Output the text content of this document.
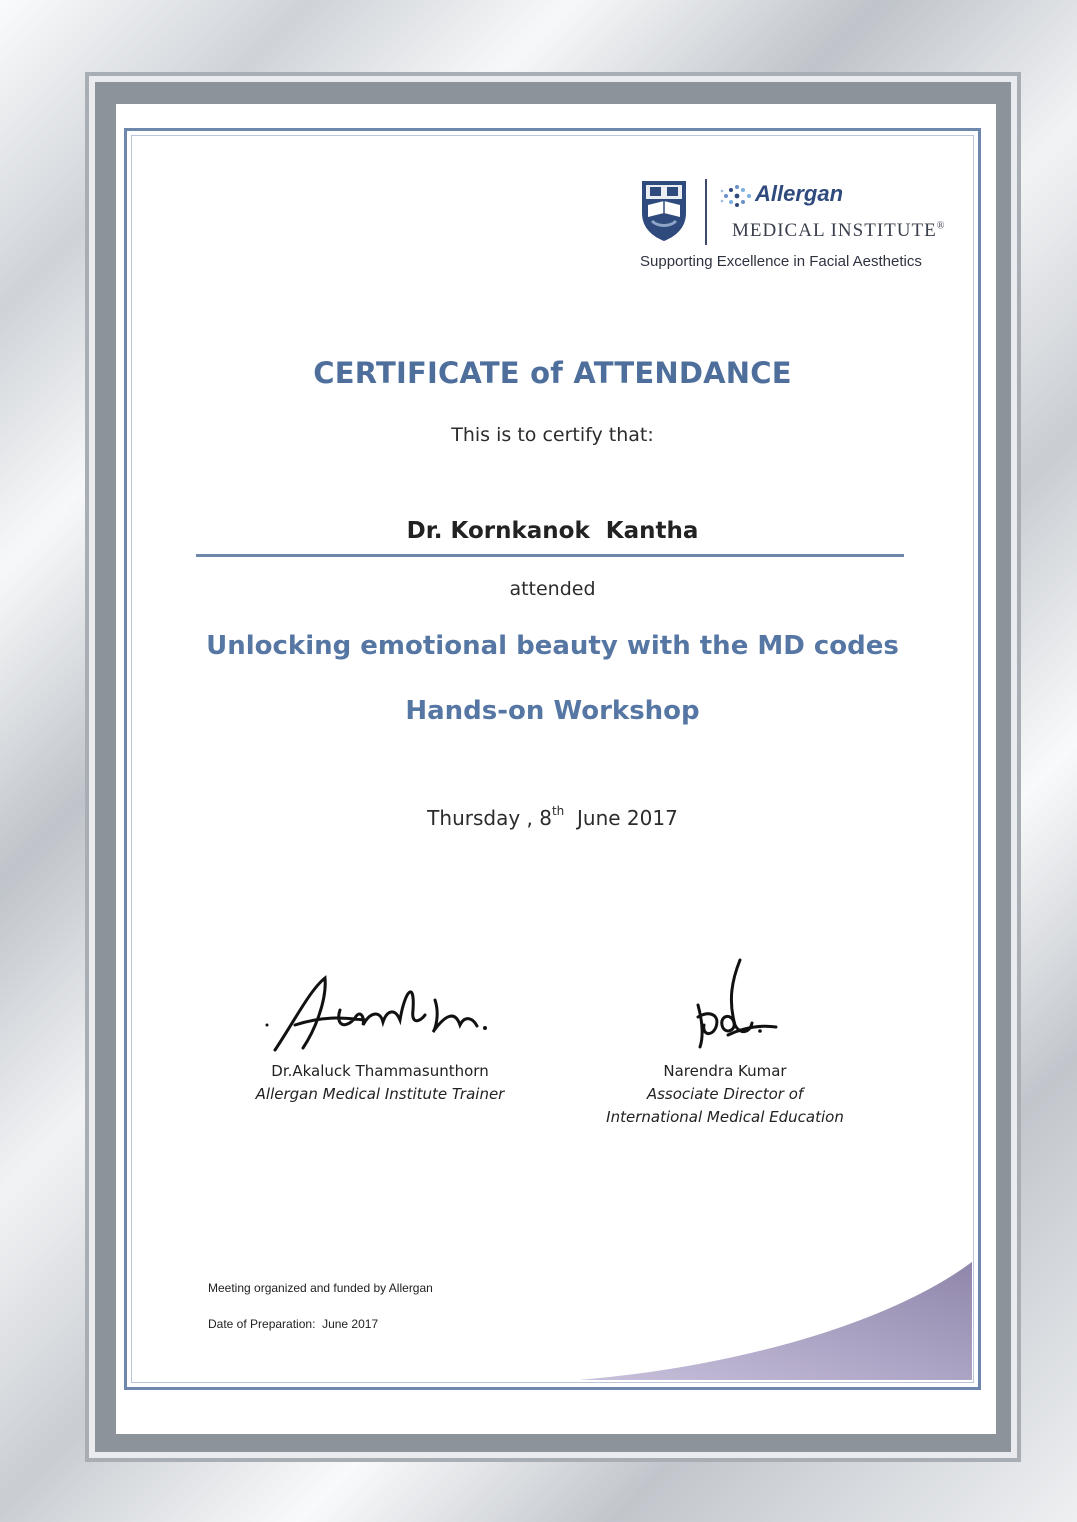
Allergan
MEDICAL INSTITUTE®
Supporting Excellence in Facial Aesthetics
CERTIFICATE of ATTENDANCE
This is to certify that:
Dr. Kornkanok  Kantha
attended
Unlocking emotional beauty with the MD codes
Hands-on Workshop
Thursday , 8th  June 2017
Dr.Akaluck Thammasunthorn
Allergan Medical Institute Trainer
Narendra Kumar
Associate Director of
International Medical Education
Meeting organized and funded by Allergan
Date of Preparation:  June 2017
